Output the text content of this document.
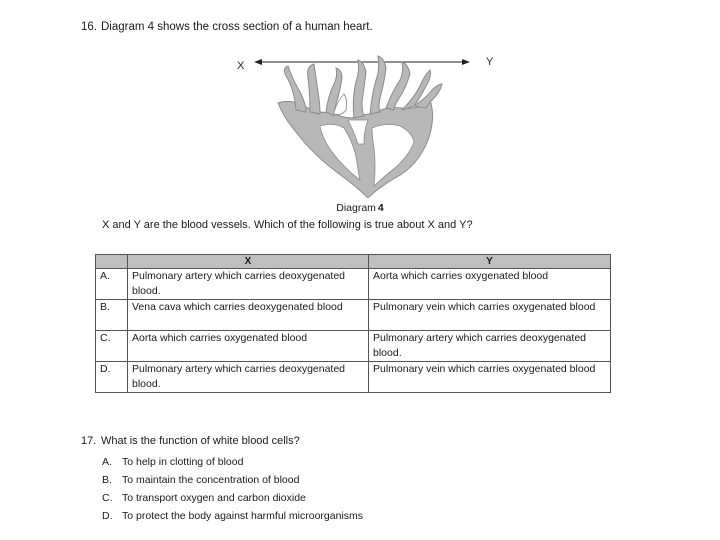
16. Diagram 4 shows the cross section of a human heart.
X	Y
Diagram 4
X and Y are the blood vessels. Which of the following is true about X and Y?
	X	Y
A.	Pulmonary artery which carries deoxygenated blood.	Aorta which carries oxygenated blood
B.	Vena cava which carries deoxygenated blood	Pulmonary vein which carries oxygenated blood
C.	Aorta which carries oxygenated blood	Pulmonary artery which carries deoxygenated blood.
D.	Pulmonary artery which carries deoxygenated blood.	Pulmonary vein which carries oxygenated blood
17. What is the function of white blood cells?
A. To help in clotting of blood
B. To maintain the concentration of blood
C. To transport oxygen and carbon dioxide
D. To protect the body against harmful microorganisms
